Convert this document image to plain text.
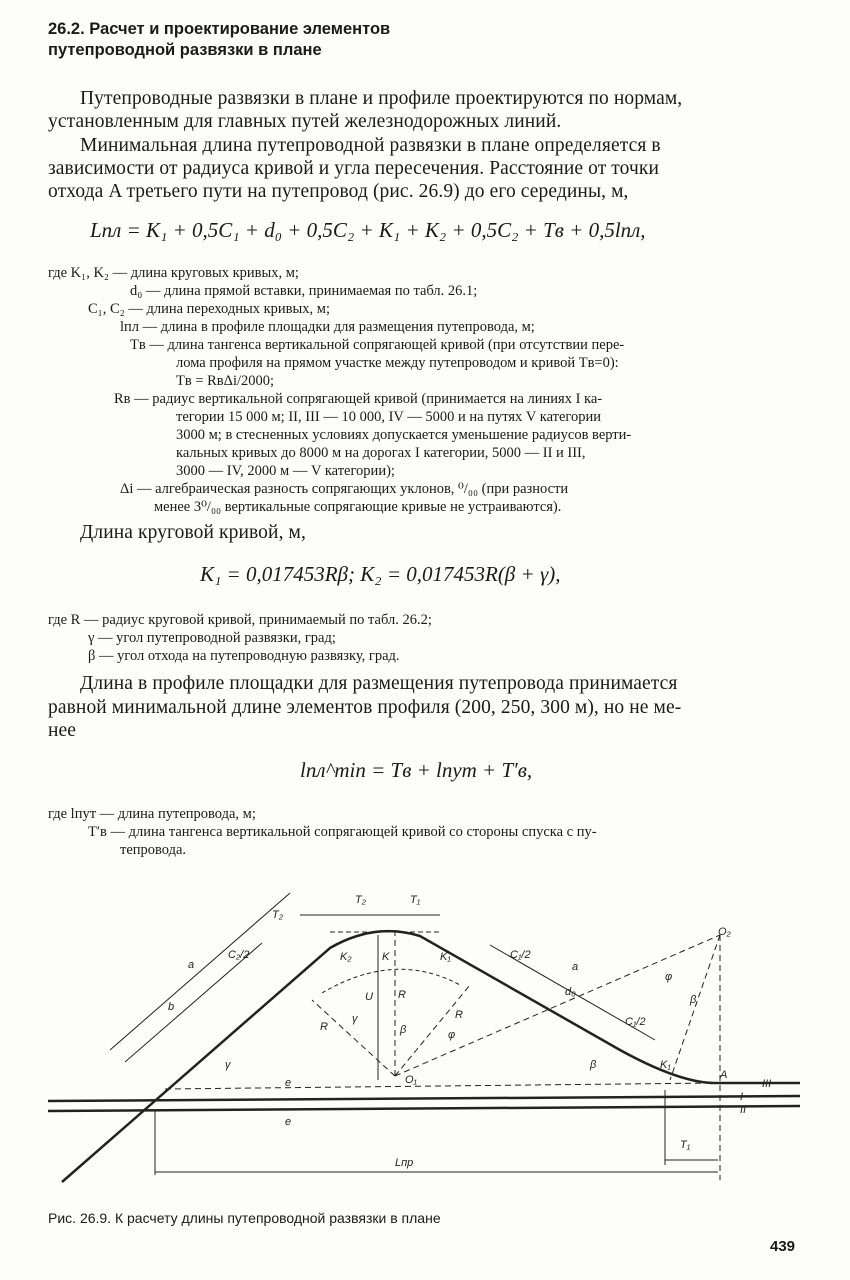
26.2. Расчет и проектирование элементов
путепроводной развязки в плане
Путепроводные развязки в плане и профиле проектируются по нормам,
установленным для главных путей железнодорожных линий.
Минимальная длина путепроводной развязки в плане определяется в
зависимости от радиуса кривой и угла пересечения. Расстояние от точки
отхода A третьего пути на путепровод (рис. 26.9) до его середины, м,
Lпл = K₁ + 0,5C₁ + d₀ + 0,5C₂ + K₁ + K₂ + 0,5C₂ + Tв + 0,5lпл,
где K₁, K₂ — длина круговых кривых, м;
d₀ — длина прямой вставки, принимаемая по табл. 26.1;
C₁, C₂ — длина переходных кривых, м;
lпл — длина в профиле площадки для размещения путепровода, м;
Tв — длина тангенса вертикальной сопрягающей кривой (при отсутствии пере-
лома профиля на прямом участке между путепроводом и кривой Tв=0):
Tв = RвΔi/2000;
Rв — радиус вертикальной сопрягающей кривой (принимается на линиях I ка-
тегории 15 000 м; II, III — 10 000, IV — 5000 и на путях V категории
3000 м; в стесненных условиях допускается уменьшение радиусов верти-
кальных кривых до 8000 м на дорогах I категории, 5000 — II и III,
3000 — IV, 2000 м — V категории);
Δi — алгебраическая разность сопрягающих уклонов, ⁰/₀₀ (при разности
менее 3⁰/₀₀ вертикальные сопрягающие кривые не устраиваются).
Длина круговой кривой, м,
K₁ = 0,017453Rβ; K₂ = 0,017453R(β + γ),
где R — радиус круговой кривой, принимаемый по табл. 26.2;
γ — угол путепроводной развязки, град;
β — угол отхода на путепроводную развязку, град.
Длина в профиле площадки для размещения путепровода принимается
равной минимальной длине элементов профиля (200, 250, 300 м), но не ме-
нее
lпл^min = Tв + lпут + T′в,
где lпут — длина путепровода, м;
T′в — длина тангенса вертикальной сопрягающей кривой со стороны спуска с пу-
тепровода.
a
b
C₂/2
T₂
T₂	T₁
K₂	K	K₁
U R
R
R
γ
β	φ
O₁
C₁/2
a
d₀
C₁/2
O₂
φ
β
β	K₁
A
III
I
II
γ
e
e
T₁
Lпр
Рис. 26.9. К расчету длины путепроводной развязки в плане
439
